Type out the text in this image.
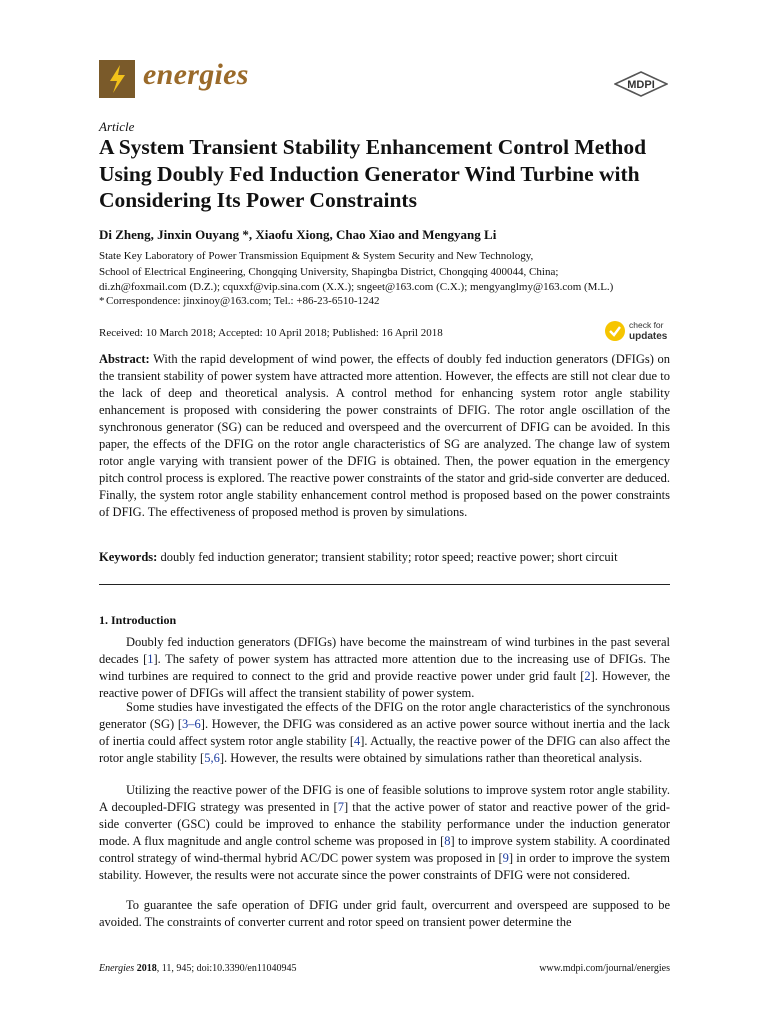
energies	MDPI
Article
A System Transient Stability Enhancement Control Method Using Doubly Fed Induction Generator Wind Turbine with Considering Its Power Constraints
Di Zheng, Jinxin Ouyang *, Xiaofu Xiong, Chao Xiao and Mengyang Li
State Key Laboratory of Power Transmission Equipment & System Security and New Technology,
School of Electrical Engineering, Chongqing University, Shapingba District, Chongqing 400044, China;
di.zh@foxmail.com (D.Z.); cquxxf@vip.sina.com (X.X.); sngeet@163.com (C.X.); mengyanglmy@163.com (M.L.)
* Correspondence: jinxinoy@163.com; Tel.: +86-23-6510-1242
Received: 10 March 2018; Accepted: 10 April 2018; Published: 16 April 2018
check for
updates
Abstract: With the rapid development of wind power, the effects of doubly fed induction generators (DFIGs) on the transient stability of power system have attracted more attention. However, the effects are still not clear due to the lack of deep and theoretical analysis. A control method for enhancing system rotor angle stability enhancement is proposed with considering the power constraints of DFIG. The rotor angle oscillation of the synchronous generator (SG) can be reduced and overspeed and the overcurrent of DFIG can be avoided. In this paper, the effects of the DFIG on the rotor angle characteristics of SG are analyzed. The change law of system rotor angle varying with transient power of the DFIG is obtained. Then, the power equation in the emergency pitch control process is explored. The reactive power constraints of the stator and grid-side converter are deduced. Finally, the system rotor angle stability enhancement control method is proposed based on the power constraints of DFIG. The effectiveness of proposed method is proven by simulations.
Keywords: doubly fed induction generator; transient stability; rotor speed; reactive power; short circuit
1. Introduction
Doubly fed induction generators (DFIGs) have become the mainstream of wind turbines in the past several decades [1]. The safety of power system has attracted more attention due to the increasing use of DFIGs. The wind turbines are required to connect to the grid and provide reactive power under grid fault [2]. However, the reactive power of DFIGs will affect the transient stability of power system.
Some studies have investigated the effects of the DFIG on the rotor angle characteristics of the synchronous generator (SG) [3–6]. However, the DFIG was considered as an active power source without inertia and the lack of inertia could affect system rotor angle stability [4]. Actually, the reactive power of the DFIG can also affect the rotor angle stability [5,6]. However, the results were obtained by simulations rather than theoretical analysis.
Utilizing the reactive power of the DFIG is one of feasible solutions to improve system rotor angle stability. A decoupled-DFIG strategy was presented in [7] that the active power of stator and reactive power of the grid-side converter (GSC) could be improved to enhance the stability performance under the induction generator mode. A flux magnitude and angle control scheme was proposed in [8] to improve system stability. A coordinated control strategy of wind-thermal hybrid AC/DC power system was proposed in [9] in order to improve the system stability. However, the results were not accurate since the power constraints of DFIG were not considered.
To guarantee the safe operation of DFIG under grid fault, overcurrent and overspeed are supposed to be avoided. The constraints of converter current and rotor speed on transient power determine the
Energies 2018, 11, 945; doi:10.3390/en11040945	www.mdpi.com/journal/energies
